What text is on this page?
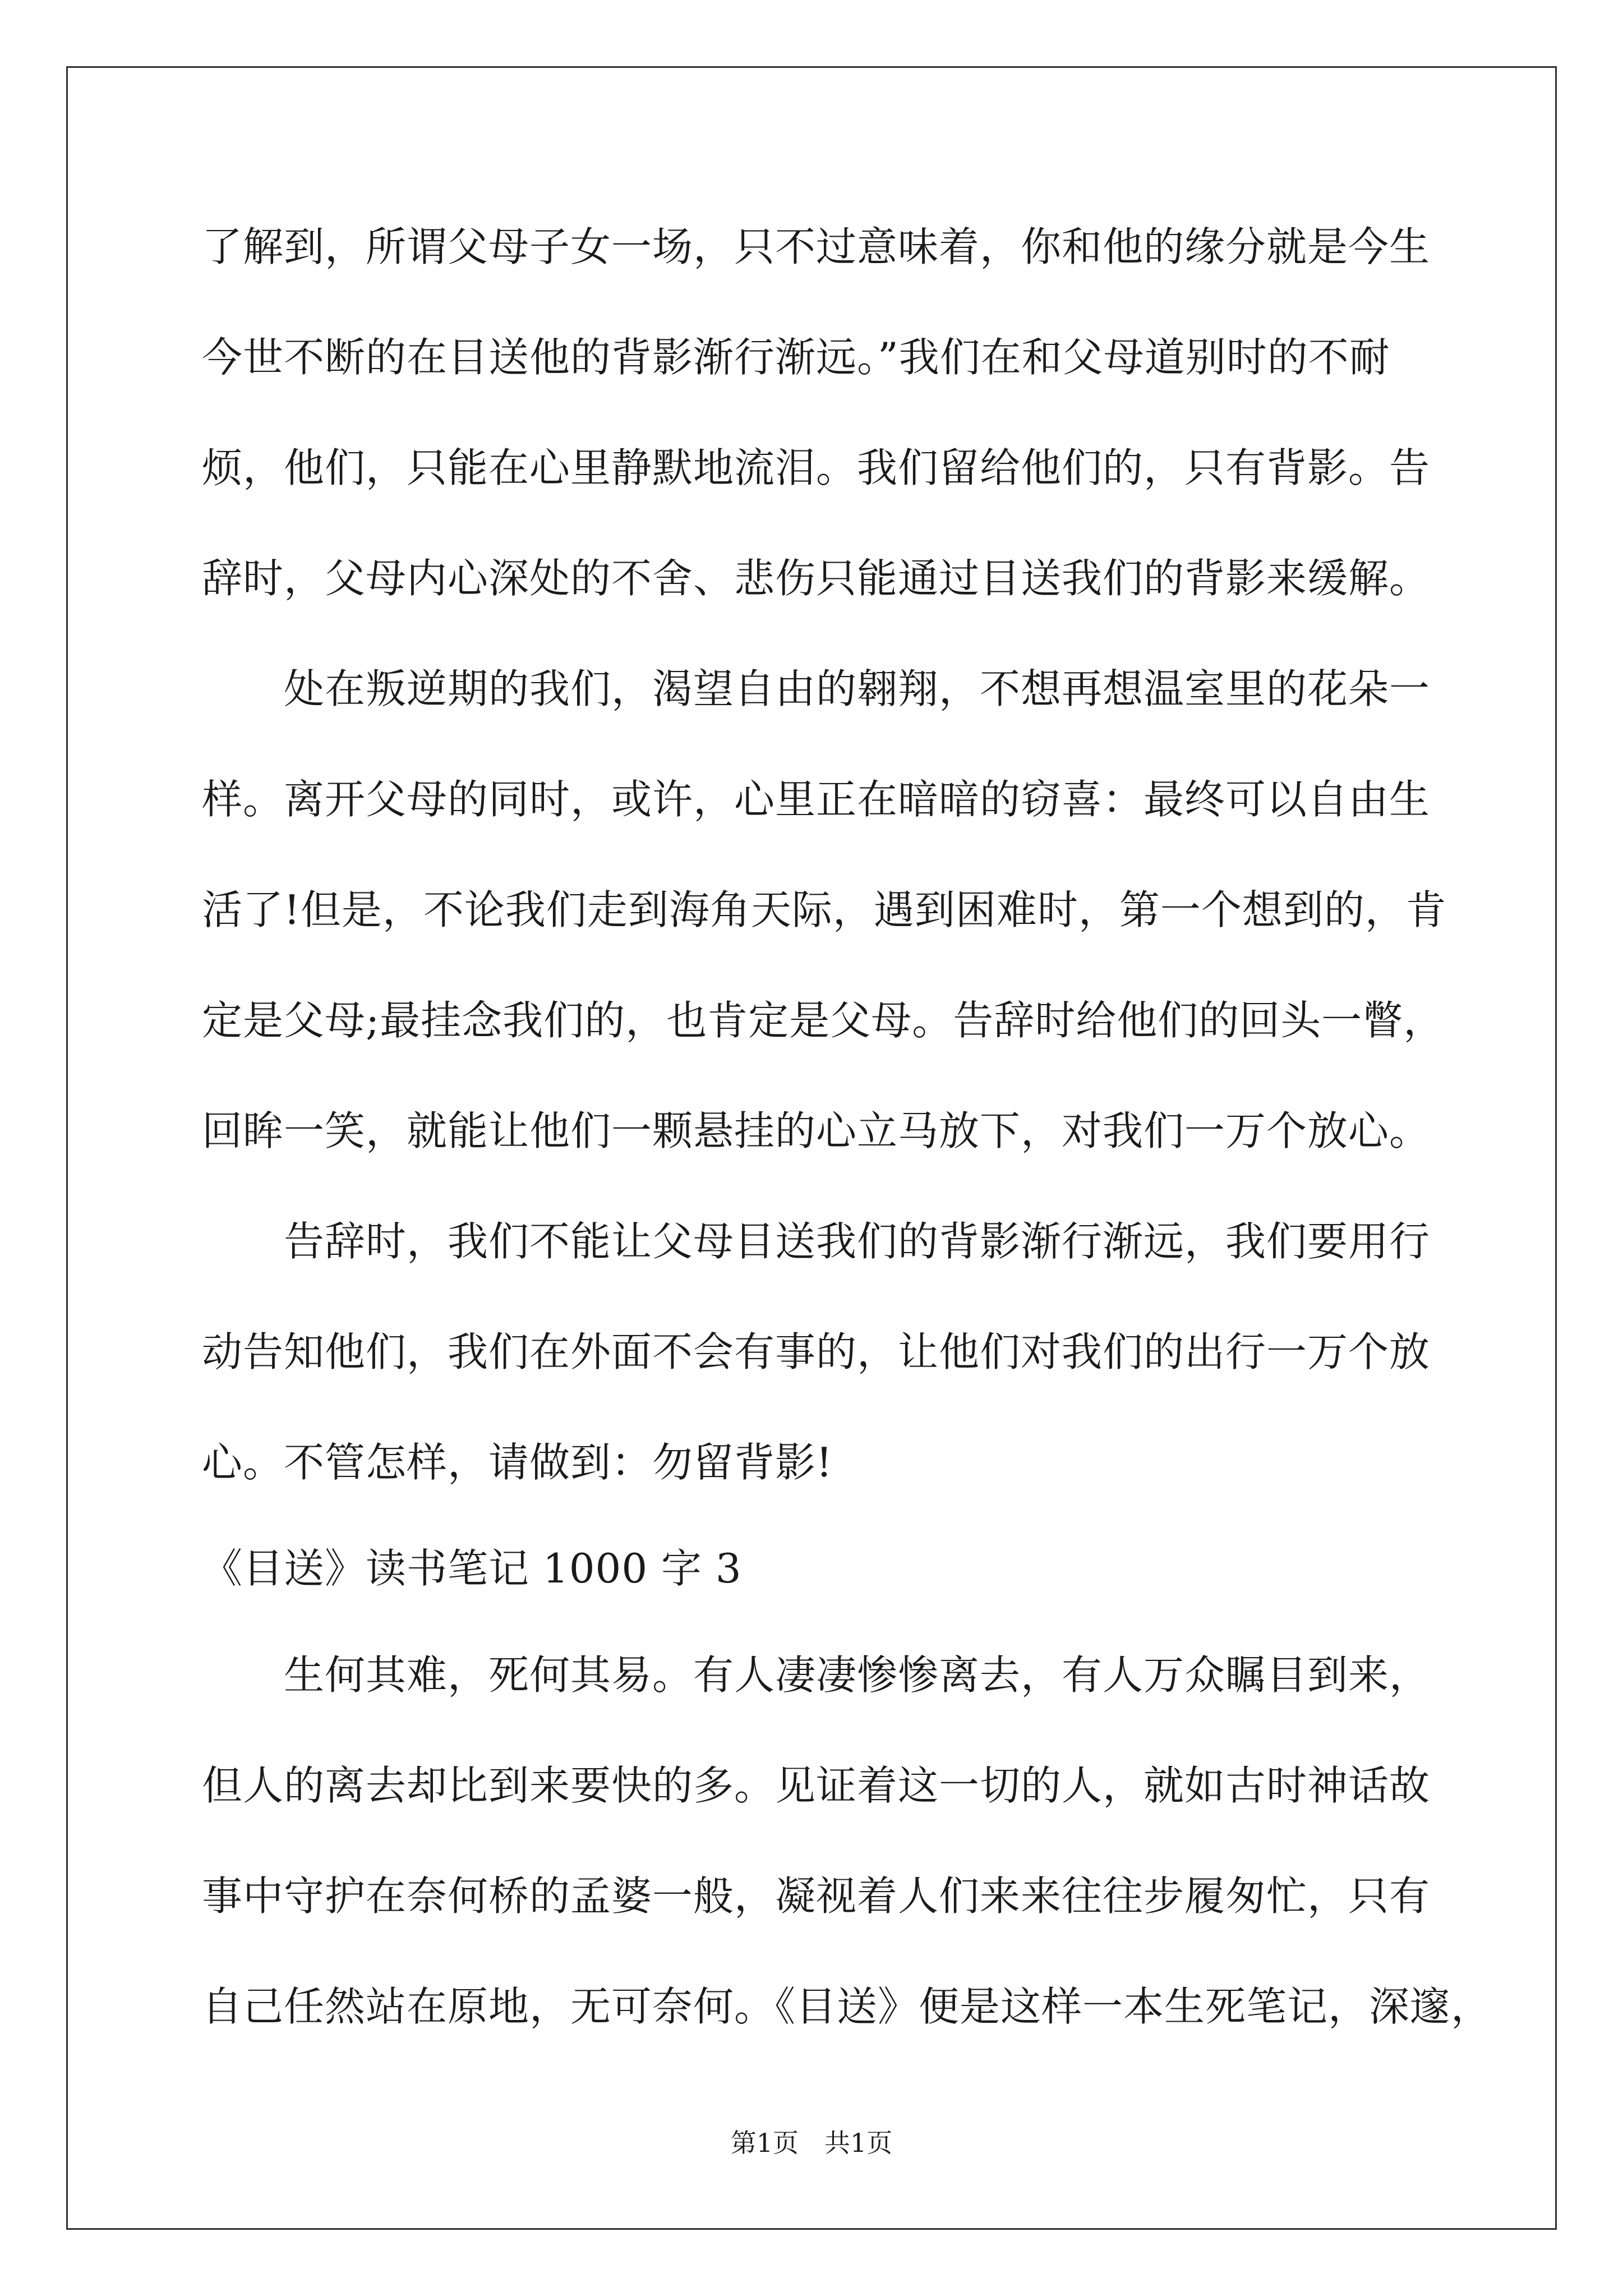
了解到，所谓父母子女一场，只不过意味着，你和他的缘分就是今生
今世不断的在目送他的背影渐行渐远。”我们在和父母道别时的不耐
烦，他们，只能在心里静默地流泪。我们留给他们的，只有背影。告
辞时，父母内心深处的不舍、悲伤只能通过目送我们的背影来缓解。
　　处在叛逆期的我们，渴望自由的翱翔，不想再想温室里的花朵一
样。离开父母的同时，或许，心里正在暗暗的窃喜：最终可以自由生
活了!但是，不论我们走到海角天际，遇到困难时，第一个想到的，肯
定是父母;最挂念我们的，也肯定是父母。告辞时给他们的回头一瞥，
回眸一笑，就能让他们一颗悬挂的心立马放下，对我们一万个放心。
　　告辞时，我们不能让父母目送我们的背影渐行渐远，我们要用行
动告知他们，我们在外面不会有事的，让他们对我们的出行一万个放
心。不管怎样，请做到：勿留背影!
《目送》读书笔记 1000 字 3
　　生何其难，死何其易。有人凄凄惨惨离去，有人万众瞩目到来，
但人的离去却比到来要快的多。见证着这一切的人，就如古时神话故
事中守护在奈何桥的孟婆一般，凝视着人们来来往往步履匆忙，只有
自己任然站在原地，无可奈何。《目送》便是这样一本生死笔记，深邃，
第1页　共1页
